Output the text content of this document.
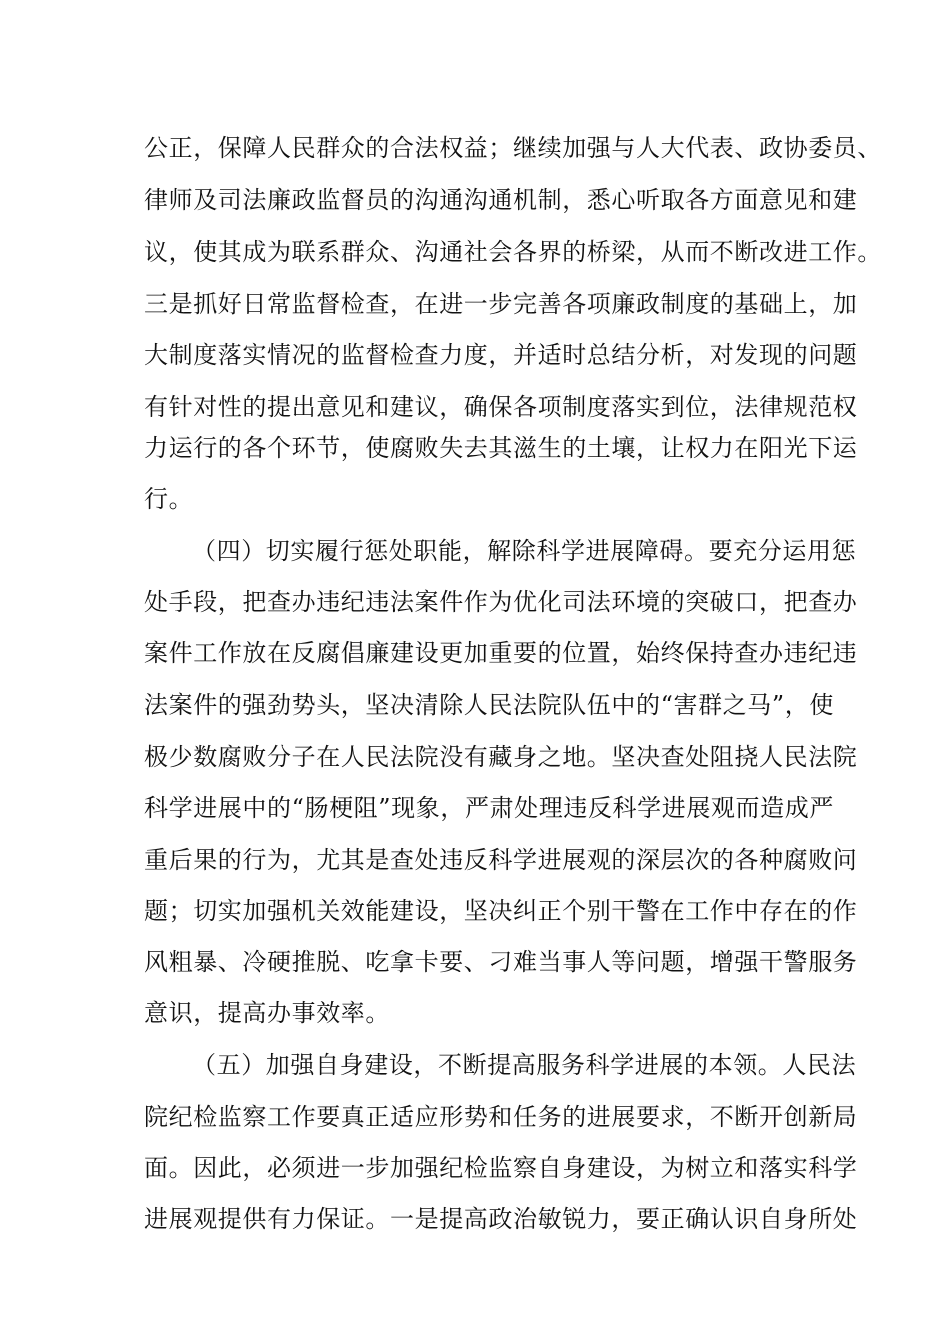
公正，保障人民群众的合法权益；继续加强与人大代表、政协委员、
律师及司法廉政监督员的沟通沟通机制，悉心听取各方面意见和建
议，使其成为联系群众、沟通社会各界的桥梁，从而不断改进工作。
三是抓好日常监督检查，在进一步完善各项廉政制度的基础上，加
大制度落实情况的监督检查力度，并适时总结分析，对发现的问题
有针对性的提出意见和建议，确保各项制度落实到位，法律规范权
力运行的各个环节，使腐败失去其滋生的土壤，让权力在阳光下运
行。
（四）切实履行惩处职能，解除科学进展障碍。要充分运用惩
处手段，把查办违纪违法案件作为优化司法环境的突破口，把查办
案件工作放在反腐倡廉建设更加重要的位置，始终保持查办违纪违
法案件的强劲势头，坚决清除人民法院队伍中的“害群之马”，使
极少数腐败分子在人民法院没有藏身之地。坚决查处阻挠人民法院
科学进展中的“肠梗阻”现象，严肃处理违反科学进展观而造成严
重后果的行为，尤其是查处违反科学进展观的深层次的各种腐败问
题；切实加强机关效能建设，坚决纠正个别干警在工作中存在的作
风粗暴、冷硬推脱、吃拿卡要、刁难当事人等问题，增强干警服务
意识，提高办事效率。
（五）加强自身建设，不断提高服务科学进展的本领。人民法
院纪检监察工作要真正适应形势和任务的进展要求，不断开创新局
面。因此，必须进一步加强纪检监察自身建设，为树立和落实科学
进展观提供有力保证。一是提高政治敏锐力，要正确认识自身所处
